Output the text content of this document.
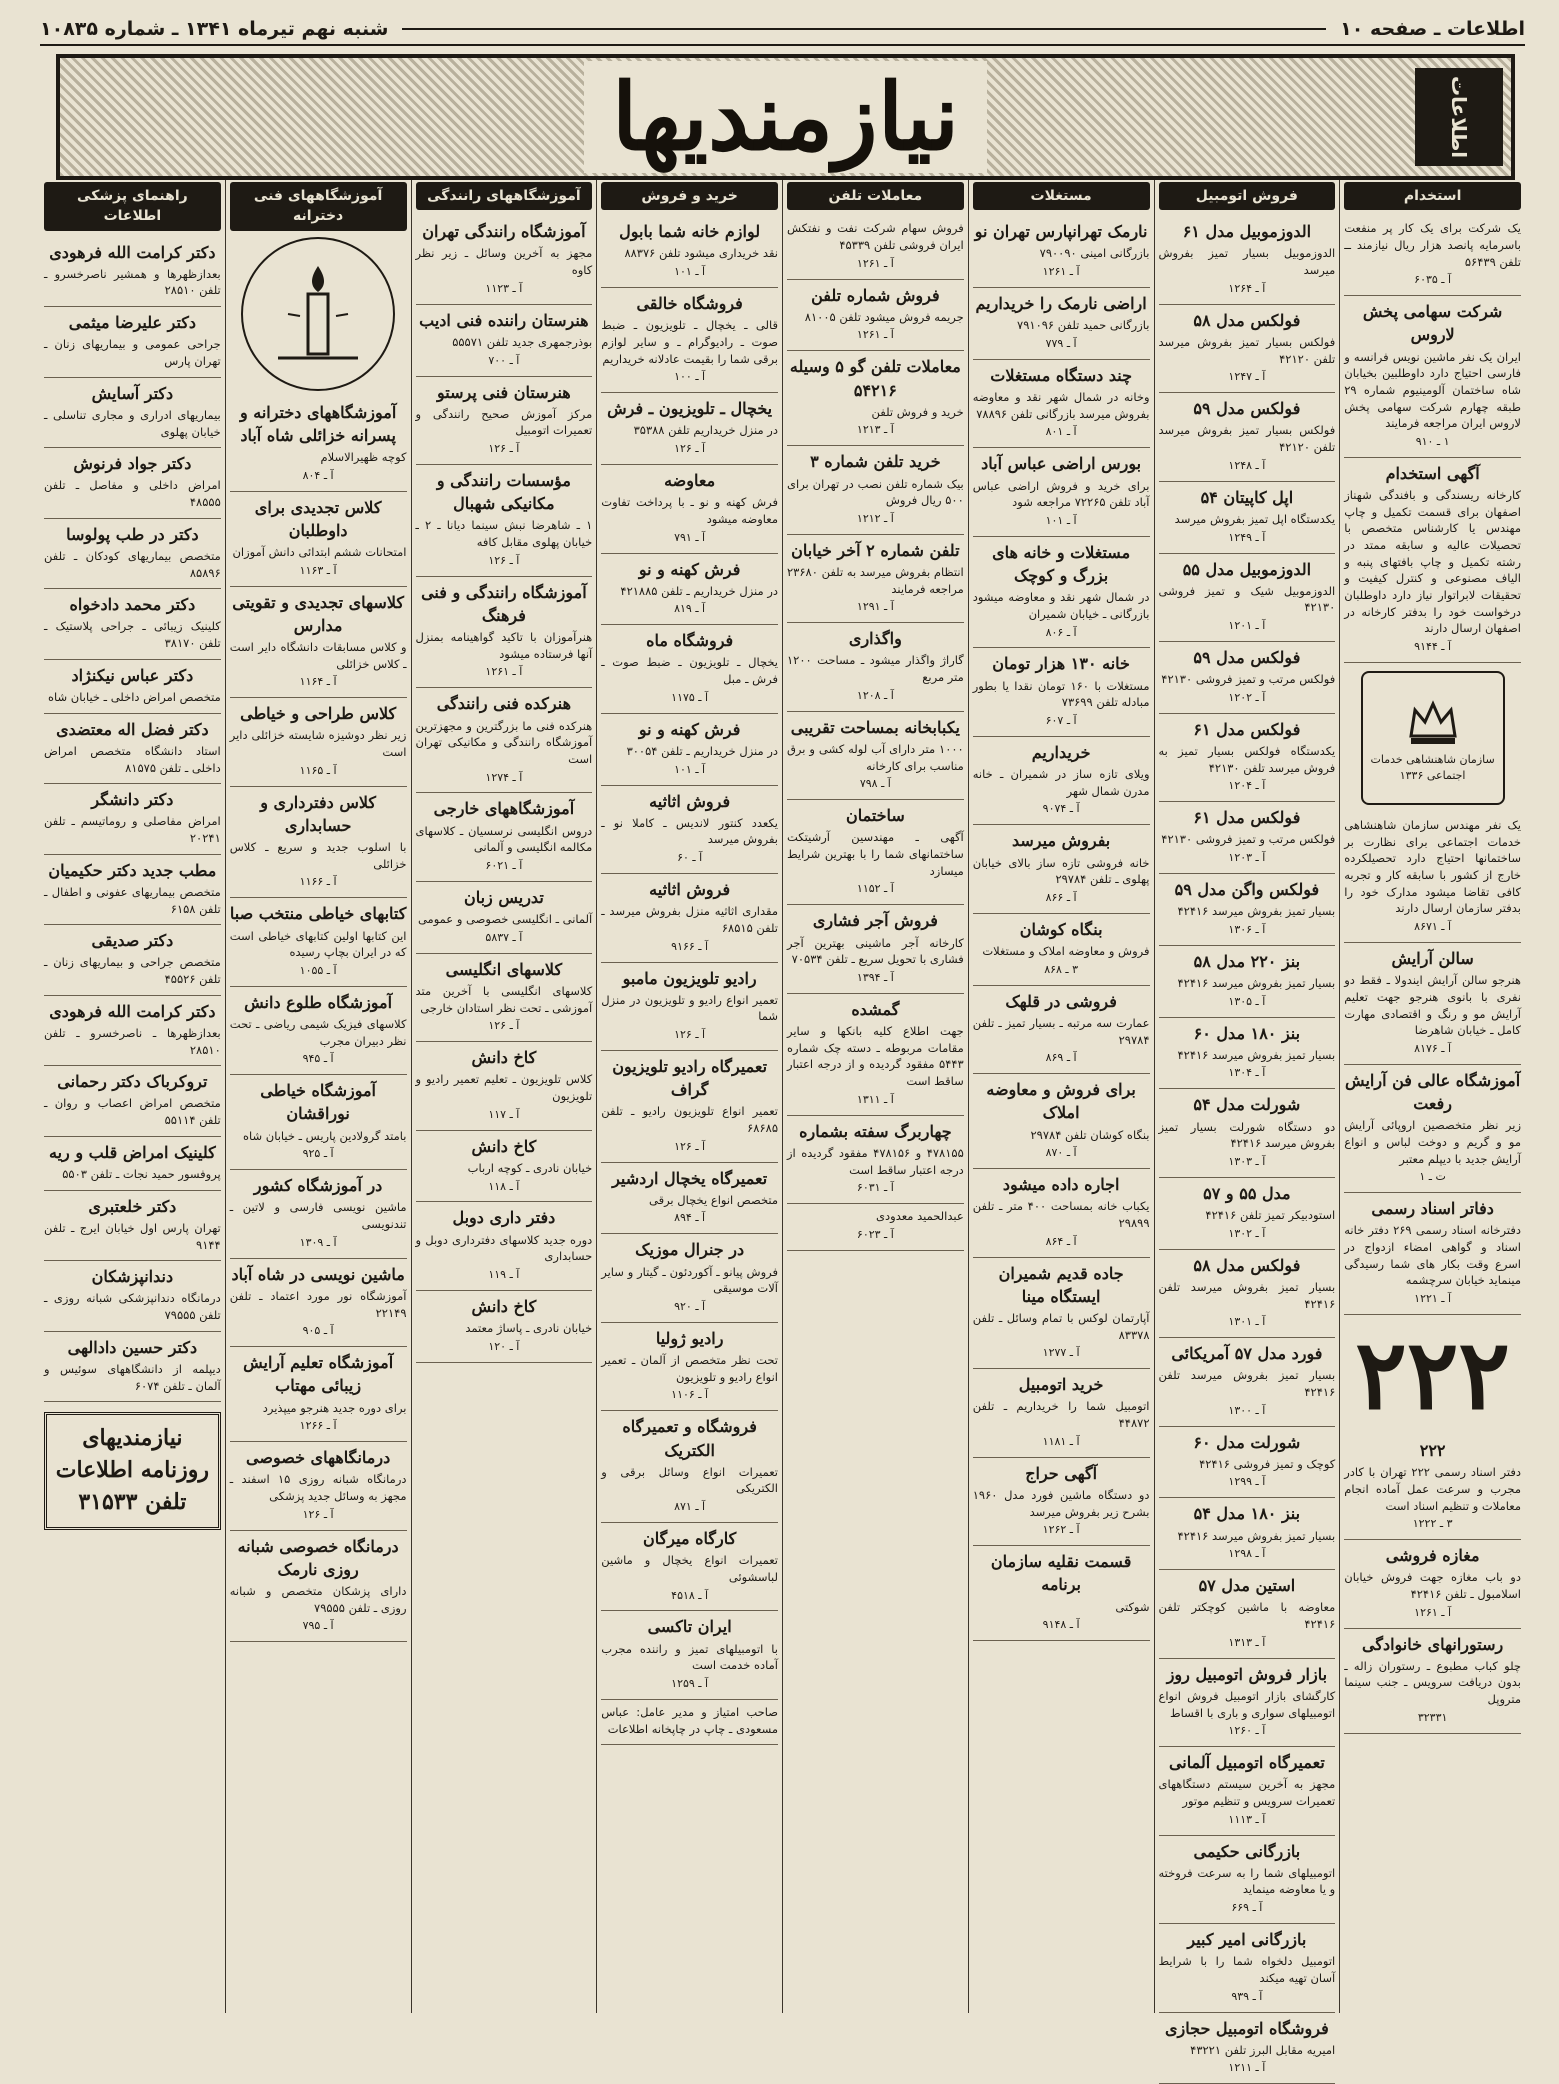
اطلاعات ـ صفحه ۱۰
شنبه نهم تیرماه ۱۳۴۱ ـ شماره ۱۰۸۳۵
اطلاعات
نیازمندیها
استخدام
یک شرکت برای یک کار پر منفعت باسرمایه پانصد هزار ریال نیازمند ــ تلفن ۵۶۴۳۹
آ ـ ۶۰۳۵
شرکت سهامی پخش لاروس
ایران یک نفر ماشین نویس فرانسه و فارسی احتیاج دارد داوطلبین بخیابان شاه ساختمان آلومینیوم شماره ۲۹ طبقه چهارم شرکت سهامی پخش لاروس ایران مراجعه فرمایند
۱ ـ ۹۱۰
آگهی استخدام
کارخانه ریسندگی و بافندگی شهناز اصفهان برای قسمت تکمیل و چاپ مهندس یا کارشناس متخصص با تحصیلات عالیه و سابقه ممتد در رشته تکمیل و چاپ بافتهای پنبه و الیاف مصنوعی و کنترل کیفیت و تحقیقات لابراتوار نیاز دارد داوطلبان درخواست خود را بدفتر کارخانه در اصفهان ارسال دارند
آ ـ ۹۱۴۴
سازمان شاهنشاهی خدمات اجتماعی ۱۳۳۶
یک نفر مهندس سازمان شاهنشاهی خدمات اجتماعی برای نظارت بر ساختمانها احتیاج دارد تحصیلکرده خارج از کشور با سابقه کار و تجربه کافی تقاضا میشود مدارک خود را بدفتر سازمان ارسال دارند
آ ـ ۸۶۷۱
سالن آرایش
هنرجو سالن آرایش ایندولا ـ فقط دو نفری با بانوی هنرجو جهت تعلیم آرایش مو و رنگ و اقتصادی مهارت کامل ـ خیابان شاهرضا
آ ـ ۸۱۷۶
آموزشگاه عالی فن آرایش رفعت
زیر نظر متخصصین اروپائی آرایش مو و گریم و دوخت لباس و انواع آرایش جدید با دیپلم معتبر
ت ـ ۱
دفاتر اسناد رسمی
دفترخانه اسناد رسمی ۲۶۹ دفتر خانه اسناد و گواهی امضاء ازدواج در اسرع وقت بکار های شما رسیدگی مینماید خیابان سرچشمه
آ ـ ۱۲۲۱
۲۲۲
۲۲۲
دفتر اسناد رسمی ۲۲۲ تهران با کادر مجرب و سرعت عمل آماده انجام معاملات و تنظیم اسناد است
۳ ـ ۱۲۲۲
مغازه فروشی
دو باب مغازه جهت فروش خیابان اسلامبول ـ تلفن ۴۲۴۱۶
آ ـ ۱۲۶۱
رستورانهای خانوادگی
چلو کباب مطبوع ـ رستوران زاله ـ بدون دریافت سرویس ـ جنب سینما متروپل
۳۲۳۳۱
فروش اتومبیل
الدوزموبیل مدل ۶۱
الدوزموبیل بسیار تمیز بفروش میرسد
آ ـ ۱۲۶۴
فولکس مدل ۵۸
فولکس بسیار تمیز بفروش میرسد تلفن ۴۲۱۲۰
آ ـ ۱۲۴۷
فولکس مدل ۵۹
فولکس بسیار تمیز بفروش میرسد تلفن ۴۲۱۲۰
آ ـ ۱۲۴۸
اپل کاپیتان ۵۴
یکدستگاه اپل تمیز بفروش میرسد
آ ـ ۱۲۴۹
الدوزموبیل مدل ۵۵
الدوزموبیل شیک و تمیز فروشی ۴۲۱۳۰
آ ـ ۱۲۰۱
فولکس مدل ۵۹
فولکس مرتب و تمیز فروشی ۴۲۱۳۰
آ ـ ۱۲۰۲
فولکس مدل ۶۱
یکدستگاه فولکس بسیار تمیز به فروش میرسد تلفن ۴۲۱۳۰
آ ـ ۱۲۰۴
فولکس مدل ۶۱
فولکس مرتب و تمیز فروشی ۴۲۱۳۰
آ ـ ۱۲۰۳
فولکس واگن مدل ۵۹
بسیار تمیز بفروش میرسد ۴۲۴۱۶
آ ـ ۱۳۰۶
بنز ۲۲۰ مدل ۵۸
بسیار تمیز بفروش میرسد ۴۲۴۱۶
آ ـ ۱۳۰۵
بنز ۱۸۰ مدل ۶۰
بسیار تمیز بفروش میرسد ۴۲۴۱۶
آ ـ ۱۳۰۴
شورلت مدل ۵۴
دو دستگاه شورلت بسیار تمیز بفروش میرسد ۴۲۴۱۶
آ ـ ۱۳۰۳
مدل ۵۵ و ۵۷
استودبیکر تمیز تلفن ۴۲۴۱۶
آ ـ ۱۳۰۲
فولکس مدل ۵۸
بسیار تمیز بفروش میرسد تلفن ۴۲۴۱۶
آ ـ ۱۳۰۱
فورد مدل ۵۷ آمریکائی
بسیار تمیز بفروش میرسد تلفن ۴۲۴۱۶
آ ـ ۱۳۰۰
شورلت مدل ۶۰
کوچک و تمیز فروشی ۴۲۴۱۶
آ ـ ۱۲۹۹
بنز ۱۸۰ مدل ۵۴
بسیار تمیز بفروش میرسد ۴۲۴۱۶
آ ـ ۱۲۹۸
استین مدل ۵۷
معاوضه با ماشین کوچکتر تلفن ۴۲۴۱۶
آ ـ ۱۳۱۳
بازار فروش اتومبیل روز
کارگشای بازار اتومبیل فروش انواع اتومبیلهای سواری و باری با اقساط
آ ـ ۱۲۶۰
تعمیرگاه اتومبیل آلمانی
مجهز به آخرین سیستم دستگاههای تعمیرات سرویس و تنظیم موتور
آ ـ ۱۱۱۳
بازرگانی حکیمی
اتومبیلهای شما را به سرعت فروخته و یا معاوضه مینماید
آ ـ ۶۶۹
بازرگانی امیر کبیر
اتومبیل دلخواه شما را با شرایط آسان تهیه میکند
آ ـ ۹۳۹
فروشگاه اتومبیل حجازی
امیریه مقابل البرز تلفن ۴۳۲۲۱
آ ـ ۱۲۱۱
مستغلات
نارمک تهرانپارس تهران نو
بازرگانی امینی ۷۹۰۰۹۰
آ ـ ۱۲۶۱
اراضی نارمک را خریداریم
بازرگانی حمید تلفن ۷۹۱۰۹۶
آ ـ ۷۷۹
چند دستگاه مستغلات
وخانه در شمال شهر نقد و معاوضه بفروش میرسد بازرگانی تلفن ۷۸۸۹۶
آ ـ ۸۰۱
بورس اراضی عباس آباد
برای خرید و فروش اراضی عباس آباد تلفن ۷۲۲۶۵ مراجعه شود
آ ـ ۱۰۱
مستغلات و خانه های بزرگ و کوچک
در شمال شهر نقد و معاوضه میشود بازرگانی ـ خیابان شمیران
آ ـ ۸۰۶
خانه ۱۳۰ هزار تومان
مستغلات با ۱۶۰ تومان نقدا یا بطور مبادله تلفن ۷۳۶۹۹
آ ـ ۶۰۷
خریداریم
ویلای تازه ساز در شمیران ـ خانه مدرن شمال شهر
آ ـ ۹۰۷۴
بفروش میرسد
خانه فروشی تازه ساز بالای خیابان پهلوی ـ تلفن ۲۹۷۸۴
آ ـ ۸۶۶
بنگاه کوشان
فروش و معاوضه املاک و مستغلات
۳ ـ ۸۶۸
فروشی در قلهک
عمارت سه مرتبه ـ بسیار تمیز ـ تلفن ۲۹۷۸۴
آ ـ ۸۶۹
برای فروش و معاوضه املاک
بنگاه کوشان تلفن ۲۹۷۸۴
آ ـ ۸۷۰
اجاره داده میشود
یکباب خانه بمساحت ۴۰۰ متر ـ تلفن ۲۹۸۹۹
آ ـ ۸۶۴
جاده قدیم شمیران ایستگاه مینا
آپارتمان لوکس با تمام وسائل ـ تلفن ۸۳۳۷۸
آ ـ ۱۲۷۷
خرید اتومبیل
اتومبیل شما را خریداریم ـ تلفن ۴۴۸۷۲
آ ـ ۱۱۸۱
آگهی حراج
دو دستگاه ماشین فورد مدل ۱۹۶۰ بشرح زیر بفروش میرسد
آ ـ ۱۲۶۲
قسمت نقلیه سازمان برنامه
شوکتی
آ ـ ۹۱۴۸
معاملات تلفن
فروش سهام شرکت نفت و نفتکش ایران فروشی تلفن ۴۵۳۳۹
آ ـ ۱۲۶۱
فروش شماره تلفن
جریمه فروش میشود تلفن ۸۱۰۰۵
آ ـ ۱۲۶۱
معاملات تلفن گو ۵ وسیله ۵۴۲۱۶
خرید و فروش تلفن
آ ـ ۱۲۱۳
خرید تلفن شماره ۳
بیک شماره تلفن نصب در تهران برای ۵۰۰ ریال فروش
آ ـ ۱۲۱۲
تلفن شماره ۲ آخر خیابان
انتظام بفروش میرسد به تلفن ۲۳۶۸۰ مراجعه فرمایند
آ ـ ۱۲۹۱
واگذاری
گاراژ واگذار میشود ـ مساحت ۱۲۰۰ متر مربع
آ ـ ۱۲۰۸
یکبابخانه بمساحت تقریبی
۱۰۰۰ متر دارای آب لوله کشی و برق مناسب برای کارخانه
آ ـ ۷۹۸
ساختمان
آگهی ـ مهندسین آرشیتکت ساختمانهای شما را با بهترین شرایط میسازد
آ ـ ۱۱۵۲
فروش آجر فشاری
کارخانه آجر ماشینی بهترین آجر فشاری با تحویل سریع ـ تلفن ۷۰۵۳۴
آ ـ ۱۳۹۴
گمشده
جهت اطلاع کلیه بانکها و سایر مقامات مربوطه ـ دسته چک شماره ۵۴۴۳ مفقود گردیده و از درجه اعتبار ساقط است
آ ـ ۱۳۱۱
چهاربرگ سفته بشماره
۴۷۸۱۵۵ و ۴۷۸۱۵۶ مفقود گردیده از درجه اعتبار ساقط است
آ ـ ۶۰۳۱
عبدالحمید معدودی
آ ـ ۶۰۲۳
خرید و فروش
لوازم خانه شما بابول
نقد خریداری میشود تلفن ۸۸۳۷۶
آ ـ ۱۰۱
فروشگاه خالقی
قالی ـ یخچال ـ تلویزیون ـ ضبط صوت ـ رادیوگرام ـ و سایر لوازم برقی شما را بقیمت عادلانه خریداریم
آ ـ ۱۰۰
یخچال ـ تلویزیون ـ فرش
در منزل خریداریم تلفن ۳۵۳۸۸
آ ـ ۱۲۶
معاوضه
فرش کهنه و نو ـ با پرداخت تفاوت معاوضه میشود
آ ـ ۷۹۱
فرش کهنه و نو
در منزل خریداریم ـ تلفن ۴۲۱۸۸۵
آ ـ ۸۱۹
فروشگاه ماه
یخچال ـ تلویزیون ـ ضبط صوت ـ فرش ـ مبل
آ ـ ۱۱۷۵
فرش کهنه و نو
در منزل خریداریم ـ تلفن ۳۰۰۵۴
آ ـ ۱۰۱
فروش اثاثیه
یکعدد کنتور لاندیس ـ کاملا نو ـ بفروش میرسد
آ ـ ۶۰
فروش اثاثیه
مقداری اثاثیه منزل بفروش میرسد ـ تلفن ۶۸۵۱۵
آ ـ ۹۱۶۶
رادیو تلویزیون مامبو
تعمیر انواع رادیو و تلویزیون در منزل شما
آ ـ ۱۲۶
تعمیرگاه رادیو تلویزیون گراف
تعمیر انواع تلویزیون رادیو ـ تلفن ۶۸۶۸۵
آ ـ ۱۲۶
تعمیرگاه یخچال اردشیر
متخصص انواع یخچال برقی
آ ـ ۸۹۴
در جنرال موزیک
فروش پیانو ـ آکوردئون ـ گیتار و سایر آلات موسیقی
آ ـ ۹۲۰
رادیو ژولیا
تحت نظر متخصص از آلمان ـ تعمیر انواع رادیو و تلویزیون
آ ـ ۱۱۰۶
فروشگاه و تعمیرگاه الکتریک
تعمیرات انواع وسائل برقی و الکتریکی
آ ـ ۸۷۱
کارگاه میرگان
تعمیرات انواع یخچال و ماشین لباسشوئی
آ ـ ۴۵۱۸
ایران تاکسی
با اتومبیلهای تمیز و راننده مجرب آماده خدمت است
آ ـ ۱۲۵۹
صاحب امتیاز و مدیر عامل: عباس مسعودی ـ چاپ در چاپخانه اطلاعات
آموزشگاههای رانندگی
آموزشگاه رانندگی تهران
مجهز به آخرین وسائل ـ زیر نظر کاوه
آ ـ ۱۱۲۳
هنرستان راننده فنی ادیب
بوذرجمهری جدید تلفن ۵۵۵۷۱
آ ـ ۷۰۰
هنرستان فنی پرستو
مرکز آموزش صحیح رانندگی و تعمیرات اتومبیل
آ ـ ۱۲۶
مؤسسات رانندگی و مکانیکی شهبال
۱ ـ شاهرضا نبش سینما دیانا ـ ۲ ـ خیابان پهلوی مقابل کافه
آ ـ ۱۲۶
آموزشگاه رانندگی و فنی فرهنگ
هنرآموزان با تاکید گواهینامه بمنزل آنها فرستاده میشود
آ ـ ۱۲۶۱
هنرکده فنی رانندگی
هنرکده فنی ما بزرگترین و مجهزترین آموزشگاه رانندگی و مکانیکی تهران است
آ ـ ۱۲۷۴
آموزشگاههای خارجی
دروس انگلیسی نرسسیان ـ کلاسهای مکالمه انگلیسی و آلمانی
آ ـ ۶۰۲۱
تدریس زبان
آلمانی ـ انگلیسی خصوصی و عمومی
آ ـ ۵۸۳۷
کلاسهای انگلیسی
کلاسهای انگلیسی با آخرین متد آموزشی ـ تحت نظر استادان خارجی
آ ـ ۱۲۶
کاخ دانش
کلاس تلویزیون ـ تعلیم تعمیر رادیو و تلویزیون
آ ـ ۱۱۷
کاخ دانش
خیابان نادری ـ کوچه ارباب
آ ـ ۱۱۸
دفتر داری دوبل
دوره جدید کلاسهای دفترداری دوبل و حسابداری
آ ـ ۱۱۹
کاخ دانش
خیابان نادری ـ پاساژ معتمد
آ ـ ۱۲۰
آموزشگاههای فنی دخترانه
آموزشگاههای دخترانه و پسرانه خزائلی شاه آباد
کوچه ظهیرالاسلام
آ ـ ۸۰۴
کلاس تجدیدی برای داوطلبان
امتحانات ششم ابتدائی دانش آموزان
آ ـ ۱۱۶۳
کلاسهای تجدیدی و تقویتی مدارس
و کلاس مسابقات دانشگاه دایر است ـ کلاس خزائلی
آ ـ ۱۱۶۴
کلاس طراحی و خیاطی
زیر نظر دوشیزه شایسته خزائلی دایر است
آ ـ ۱۱۶۵
کلاس دفترداری و حسابداری
با اسلوب جدید و سریع ـ کلاس خزائلی
آ ـ ۱۱۶۶
کتابهای خیاطی منتخب صبا
این کتابها اولین کتابهای خیاطی است که در ایران بچاپ رسیده
آ ـ ۱۰۵۵
آموزشگاه طلوع دانش
کلاسهای فیزیک شیمی ریاضی ـ تحت نظر دبیران مجرب
آ ـ ۹۴۵
آموزشگاه خیاطی نوراقشان
بامتد گرولادین پاریس ـ خیابان شاه
آ ـ ۹۲۵
در آموزشگاه کشور
ماشین نویسی فارسی و لاتین ـ تندنویسی
آ ـ ۱۳۰۹
ماشین نویسی در شاه آباد
آموزشگاه نور مورد اعتماد ـ تلفن ۲۲۱۴۹
آ ـ ۹۰۵
آموزشگاه تعلیم آرایش زیبائی مهتاب
برای دوره جدید هنرجو میپذیرد
آ ـ ۱۲۶۶
درمانگاههای خصوصی
درمانگاه شبانه روزی ۱۵ اسفند ـ مجهز به وسائل جدید پزشکی
آ ـ ۱۲۶
درمانگاه خصوصی شبانه روزی نارمک
دارای پزشکان متخصص و شبانه روزی ـ تلفن ۷۹۵۵۵
آ ـ ۷۹۵
راهنمای پزشکی اطلاعات
دکتر کرامت الله فرهودی
بعدازظهرها و همشیر ناصرخسرو ـ تلفن ۲۸۵۱۰
دکتر علیرضا میثمی
جراحی عمومی و بیماریهای زنان ـ تهران پارس
دکتر آسایش
بیماریهای ادراری و مجاری تناسلی ـ خیابان پهلوی
دکتر جواد فرنوش
امراض داخلی و مفاصل ـ تلفن ۴۸۵۵۵
دکتر در طب پولوسا
متخصص بیماریهای کودکان ـ تلفن ۸۵۸۹۶
دکتر محمد دادخواه
کلینیک زیبائی ـ جراحی پلاستیک ـ تلفن ۳۸۱۷۰
دکتر عباس نیکنژاد
متخصص امراض داخلی ـ خیابان شاه
دکتر فضل اله معتضدی
استاد دانشگاه متخصص امراض داخلی ـ تلفن ۸۱۵۷۵
دکتر دانشگر
امراض مفاصلی و روماتیسم ـ تلفن ۲۰۲۴۱
مطب جدید دکتر حکیمیان
متخصص بیماریهای عفونی و اطفال ـ تلفن ۶۱۵۸
دکتر صدیقی
متخصص جراحی و بیماریهای زنان ـ تلفن ۴۵۵۲۶
دکتر کرامت الله فرهودی
بعدازظهرها ـ ناصرخسرو ـ تلفن ۲۸۵۱۰
تروکرباک دکتر رحمانی
متخصص امراض اعصاب و روان ـ تلفن ۵۵۱۱۴
کلینیک امراض قلب و ریه
پروفسور حمید نجات ـ تلفن ۵۵۰۳
دکتر خلعتبری
تهران پارس اول خیابان ایرج ـ تلفن ۹۱۴۴
دندانپزشکان
درمانگاه دندانپزشکی شبانه روزی ـ تلفن ۷۹۵۵۵
دکتر حسین دادالهی
دیپلمه از دانشگاههای سوئیس و آلمان ـ تلفن ۶۰۷۴
نیازمندیهای روزنامه اطلاعات
تلفن ۳۱۵۳۳
